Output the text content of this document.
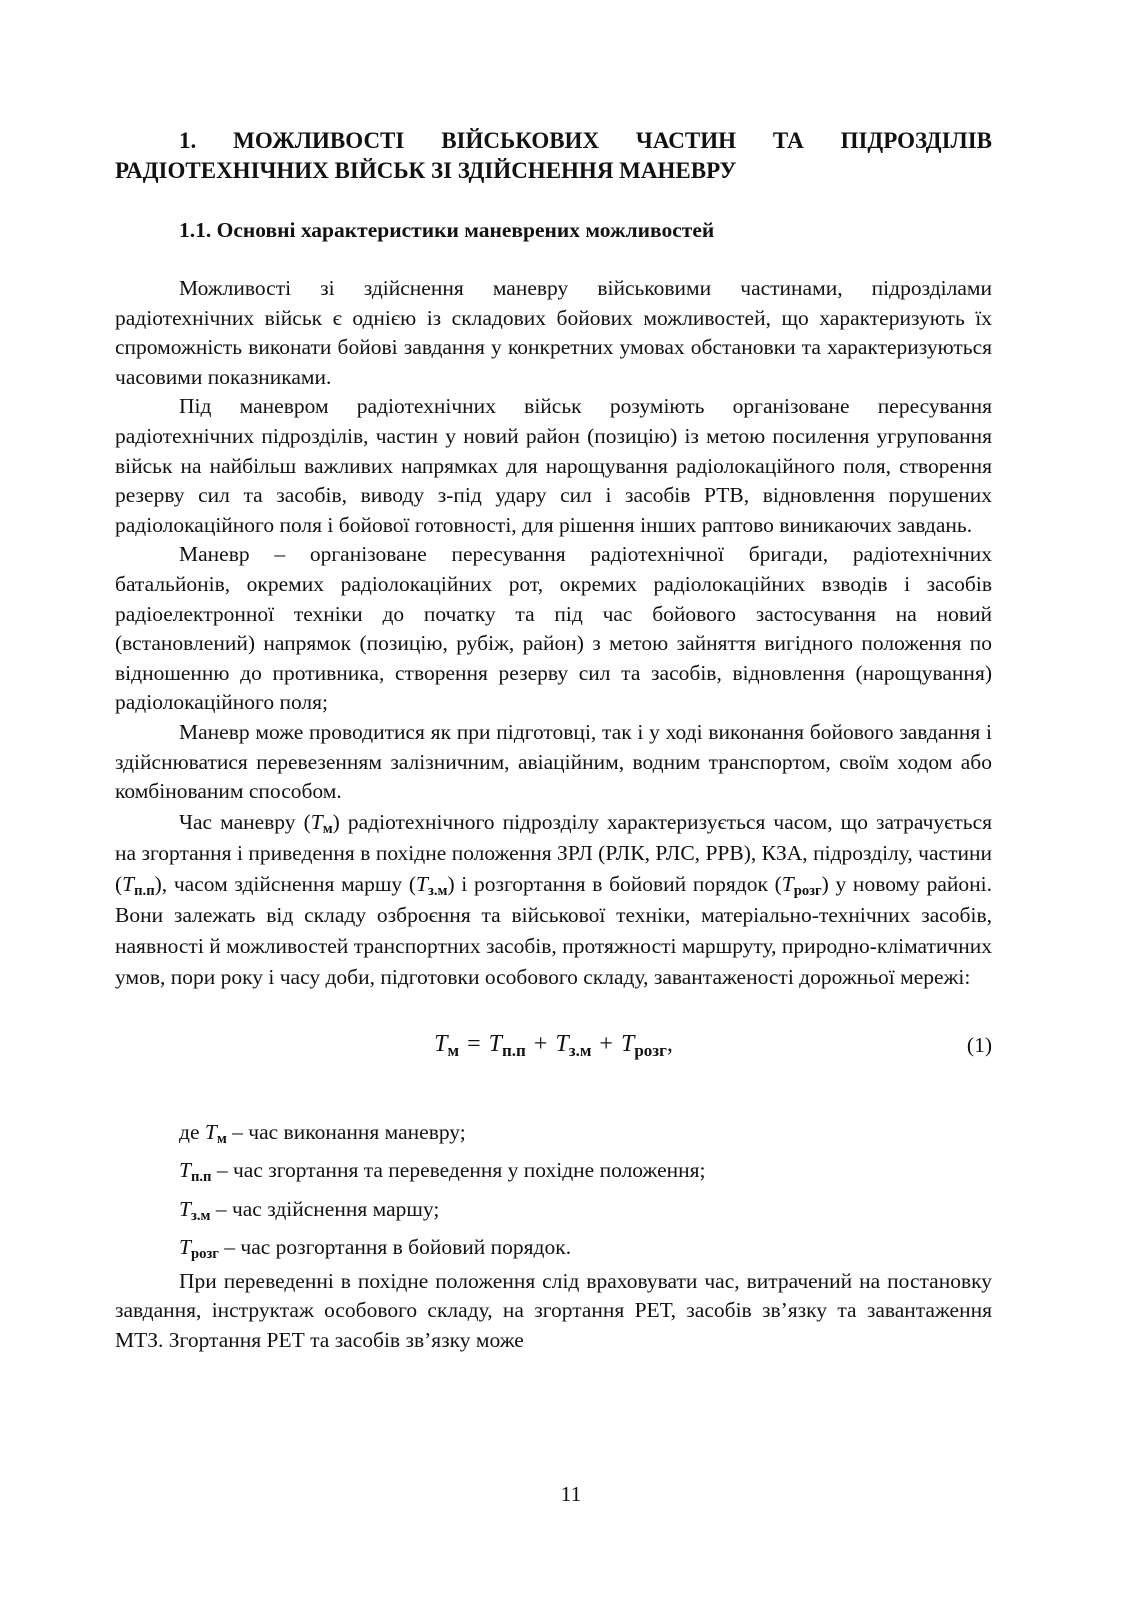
1. МОЖЛИВОСТІ ВІЙСЬКОВИХ ЧАСТИН ТА ПІДРОЗДІЛІВ
РАДІОТЕХНІЧНИХ ВІЙСЬК ЗІ ЗДІЙСНЕННЯ МАНЕВРУ
1.1. Основні характеристики маневрених можливостей

Можливості зі здійснення маневру військовими частинами, підрозділами радіотехнічних військ є однією із складових бойових можливостей, що характеризують їх спроможність виконати бойові завдання у конкретних умовах обстановки та характеризуються часовими показниками.

Під маневром радіотехнічних військ розуміють організоване пересування радіотехнічних підрозділів, частин у новий район (позицію) із метою посилення угруповання військ на найбільш важливих напрямках для нарощування радіолокаційного поля, створення резерву сил та засобів, виводу з-під удару сил і засобів РТВ, відновлення порушених радіолокаційного поля і бойової готовності, для рішення інших раптово виникаючих завдань.

Маневр – організоване пересування радіотехнічної бригади, радіотехнічних батальйонів, окремих радіолокаційних рот, окремих радіолокаційних взводів і засобів радіоелектронної техніки до початку та під час бойового застосування на новий (встановлений) напрямок (позицію, рубіж, район) з метою зайняття вигідного положення по відношенню до противника, створення резерву сил та засобів, відновлення (нарощування) радіолокаційного поля;

Маневр може проводитися як при підготовці, так і у ході виконання бойового завдання і здійснюватися перевезенням залізничним, авіаційним, водним транспортом, своїм ходом або комбінованим способом.

Час маневру $(Т_м)$ радіотехнічного підрозділу характеризується часом, що затрачується на згортання і приведення в похідне положення ЗРЛ (РЛК, РЛС, РРВ), КЗА, підрозділу, частини $(Т_{п.п})$, часом здійснення маршу $(Т_{з.м})$ і розгортання в бойовий порядок $(Т_{розг})$ у новому районі. Вони залежать від складу озброєння та військової техніки, матеріально-технічних засобів, наявності й можливостей транспортних засобів, протяжності маршруту, природно-кліматичних умов, пори року і часу доби, підготовки особового складу, завантаженості дорожньої мережі:

$Т_м = Т_{п.п} + Т_{з.м} + Т_{розг}$,	(1)
де $Т_м$ – час виконання маневру;
$Т_{п.п}$ – час згортання та переведення у похідне положення;
$Т_{з.м}$ – час здійснення маршу;
$Т_{розг}$ – час розгортання в бойовий порядок.

При переведенні в похідне положення слід враховувати час, витрачений на постановку завдання, інструктаж особового складу, на згортання РЕТ, засобів зв’язку та завантаження МТЗ. Згортання РЕТ та засобів зв’язку може

11
